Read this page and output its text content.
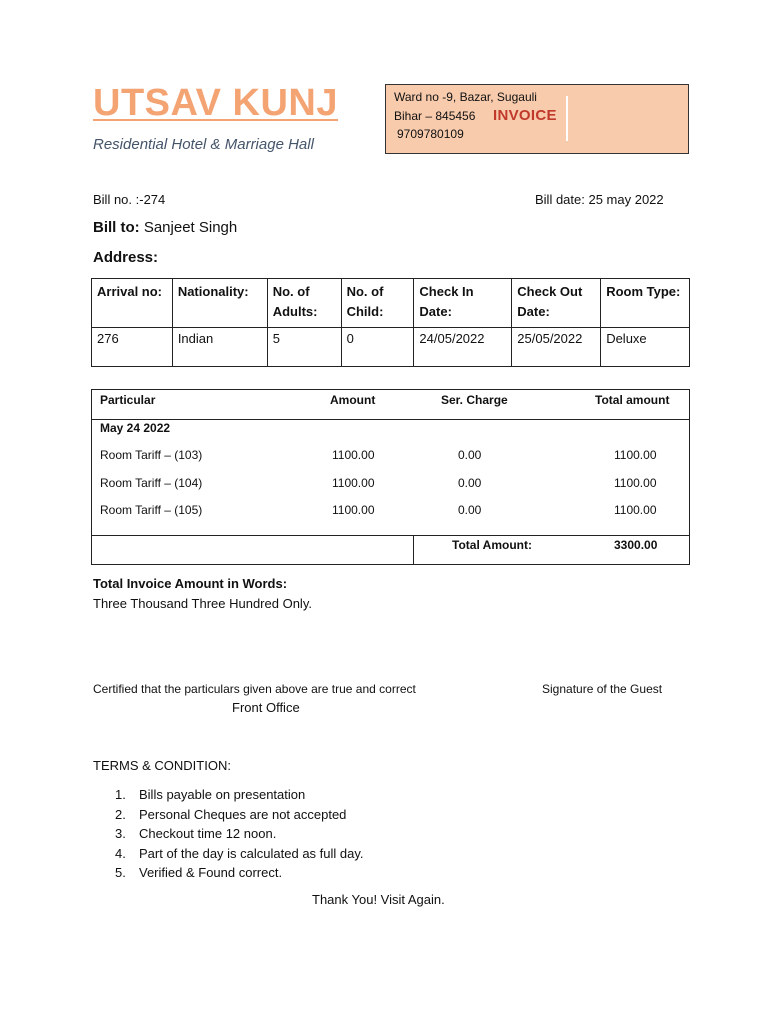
UTSAV KUNJ
Residential Hotel & Marriage Hall
Ward no -9, Bazar, Sugauli
Bihar – 845456 INVOICE
9709780109
Bill no. :-274	Bill date: 25 may 2022
Bill to: Sanjeet Singh
Address:
Arrival no:	Nationality:	No. of Adults:	No. of Child:	Check In Date:	Check Out Date:	Room Type:
276	Indian	5	0	24/05/2022	25/05/2022	Deluxe
Particular	Amount	Ser. Charge	Total amount
May 24 2022
Room Tariff – (103)	1100.00	0.00	1100.00
Room Tariff – (104)	1100.00	0.00	1100.00
Room Tariff – (105)	1100.00	0.00	1100.00
Total Amount:	3300.00
Total Invoice Amount in Words:
Three Thousand Three Hundred Only.
Certified that the particulars given above are true and correct
Front Office
Signature of the Guest
TERMS & CONDITION:
1. Bills payable on presentation
2. Personal Cheques are not accepted
3. Checkout time 12 noon.
4. Part of the day is calculated as full day.
5. Verified & Found correct.
Thank You! Visit Again.
